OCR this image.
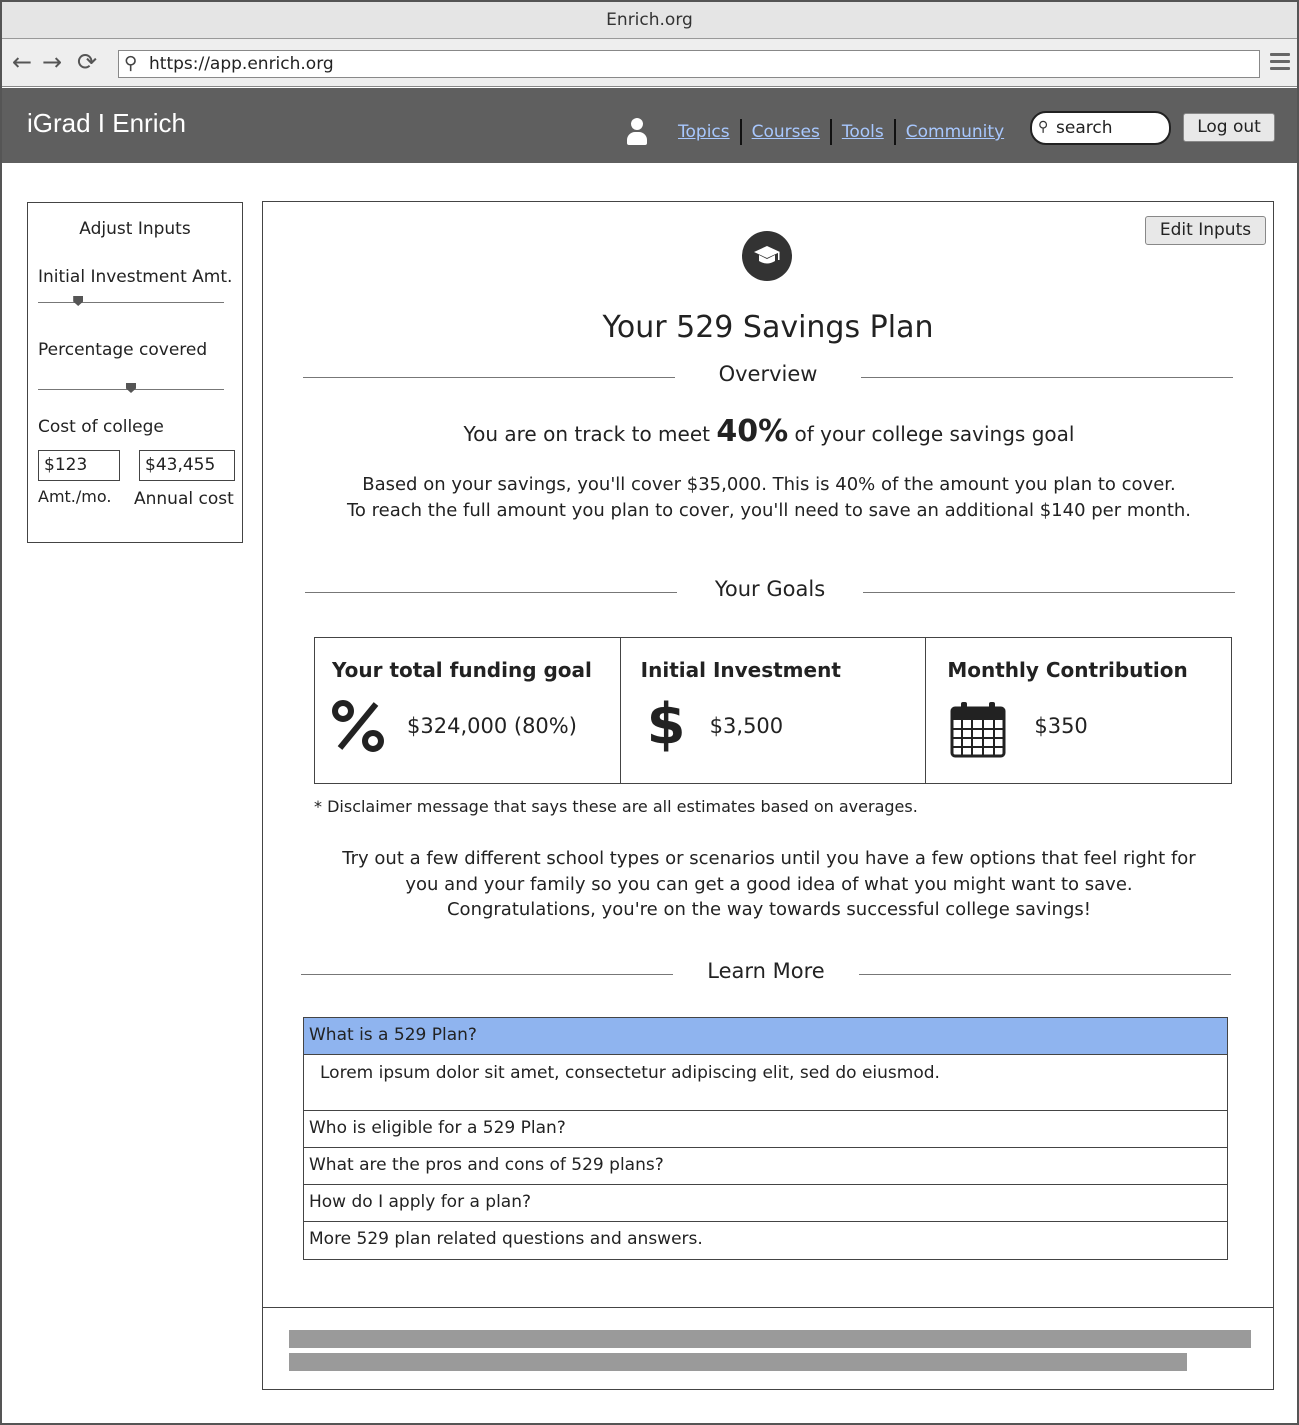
Enrich.org
← → ⟳ ⚲ https://app.enrich.org
iGrad I Enrich	Topics Courses Tools Community ⚲ search	Log out
Adjust Inputs
Initial Investment Amt.
Percentage covered
Cost of college
$123	$43,455
Amt./mo. Annual cost
Edit Inputs
Your 529 Savings Plan
Overview
You are on track to meet 40% of your college savings goal
Based on your savings, you'll cover $35,000. This is 40% of the amount you plan to cover.
To reach the full amount you plan to cover, you'll need to save an additional $140 per month.
Your Goals
Your total funding goal
$324,000 (80%)
Initial Investment
$ $3,500
Monthly Contribution
$350
* Disclaimer message that says these are all estimates based on averages.
Try out a few different school types or scenarios until you have a few options that feel right for
you and your family so you can get a good idea of what you might want to save.
Congratulations, you're on the way towards successful college savings!
Learn More
What is a 529 Plan?
Lorem ipsum dolor sit amet, consectetur adipiscing elit, sed do eiusmod.
Who is eligible for a 529 Plan?
What are the pros and cons of 529 plans?
How do I apply for a plan?
More 529 plan related questions and answers.
